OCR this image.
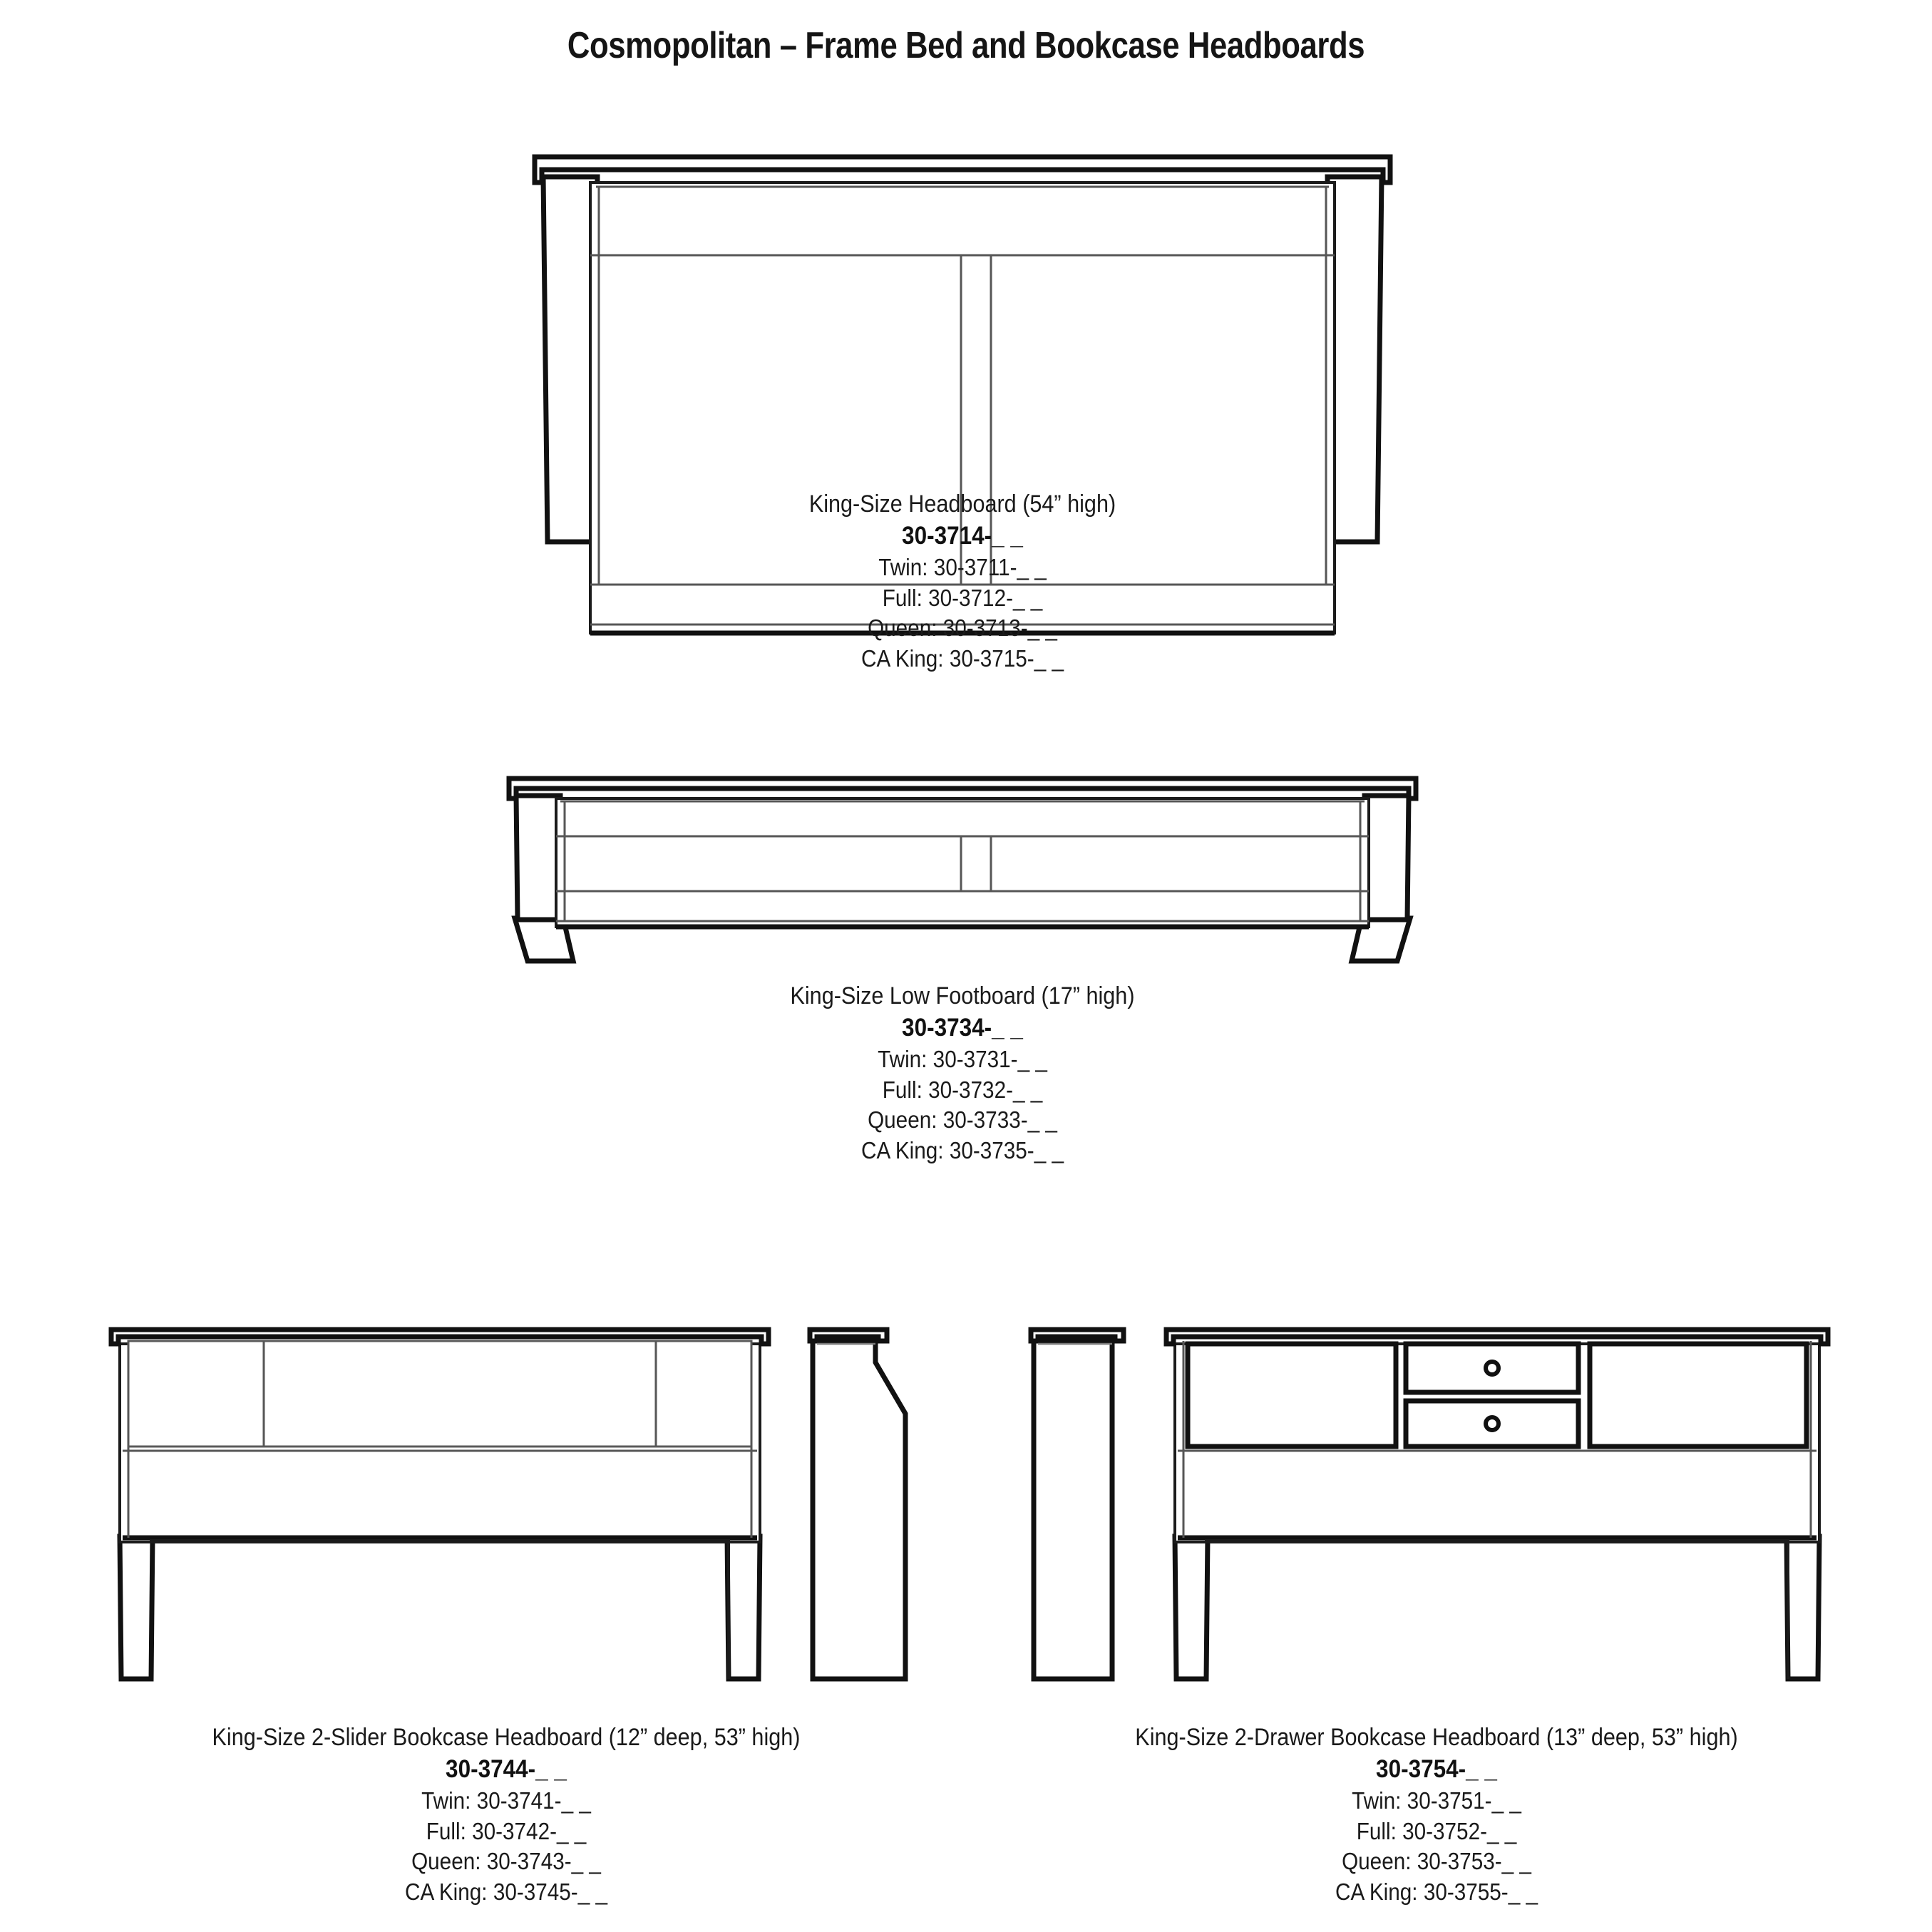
Cosmopolitan – Frame Bed and Bookcase Headboards
King-Size Headboard (54” high)
30-3714-_ _
Twin: 30-3711-_ _
Full: 30-3712-_ _
Queen: 30-3713-_ _
CA King: 30-3715-_ _
King-Size Low Footboard (17” high)
30-3734-_ _
Twin: 30-3731-_ _
Full: 30-3732-_ _
Queen: 30-3733-_ _
CA King: 30-3735-_ _
King-Size 2-Slider Bookcase Headboard (12” deep, 53” high)
30-3744-_ _
Twin: 30-3741-_ _
Full: 30-3742-_ _
Queen: 30-3743-_ _
CA King: 30-3745-_ _
King-Size 2-Drawer Bookcase Headboard (13” deep, 53” high)
30-3754-_ _
Twin: 30-3751-_ _
Full: 30-3752-_ _
Queen: 30-3753-_ _
CA King: 30-3755-_ _
